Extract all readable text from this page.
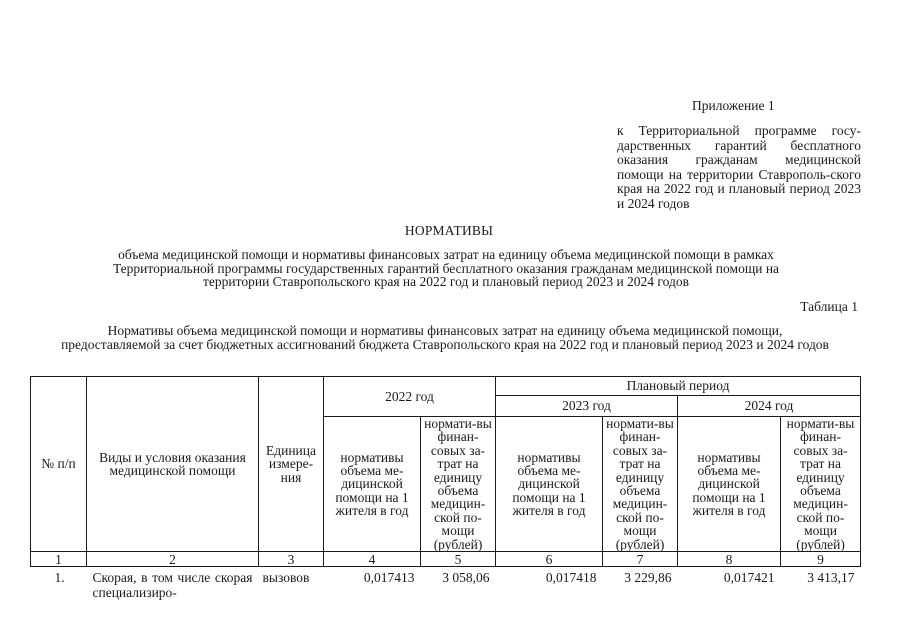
Приложение 1
к Территориальной программе госу-дарственных гарантий бесплатного оказания гражданам медицинской помощи на территории Ставрополь-ского края на 2022 год и плановый период 2023 и 2024 годов
НОРМАТИВЫ
объема медицинской помощи и нормативы финансовых затрат на единицу объема медицинской помощи в рамках Территориальной программы государственных гарантий бесплатного оказания гражданам медицинской помощи на территории Ставропольского края на 2022 год и плановый период 2023 и 2024 годов
Таблица 1
Нормативы объема медицинской помощи и нормативы финансовых затрат на единицу объема медицинской помощи, предоставляемой за счет бюджетных ассигнований бюджета Ставропольского края на 2022 год и плановый период 2023 и 2024 годов
№ п/п	Виды и условия оказания медицинской помощи	Единица измере-ния	2022 год		Плановый период			
					2023 год		2024 год	
			нормативы объема ме-дицинской помощи на 1 жителя в год	нормати-вы финан-совых за-трат на единицу объема медицин-ской по-мощи (рублей)	нормативы объема ме-дицинской помощи на 1 жителя в год	нормати-вы финан-совых за-трат на единицу объема медицин-ской по-мощи (рублей)	нормативы объема ме-дицинской помощи на 1 жителя в год	нормати-вы финан-совых за-трат на единицу объема медицин-ской по-мощи (рублей)
1	2	3	4	5	6	7	8	9
1.	Скорая, в том числе скорая специализиро-	вызовов	0,017413	3 058,06	0,017418	3 229,86	0,017421	3 413,17
